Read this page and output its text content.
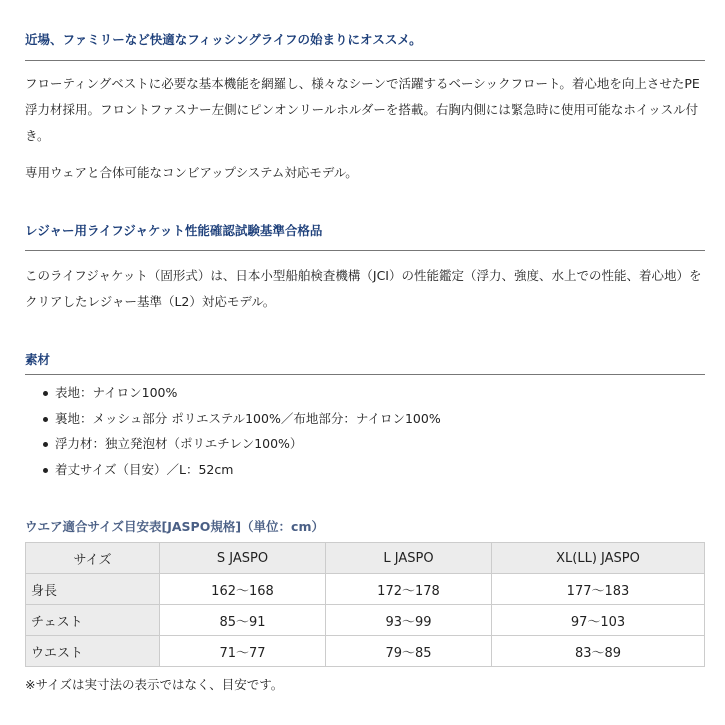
近場、ファミリーなど快適なフィッシングライフの始まりにオススメ。
フローティングベストに必要な基本機能を網羅し、様々なシーンで活躍するベーシックフロート。着心地を向上させたPE浮力材採用。フロントファスナー左側にピンオンリールホルダーを搭載。右胸内側には緊急時に使用可能なホイッスル付き。
専用ウェアと合体可能なコンビアップシステム対応モデル。
レジャー用ライフジャケット性能確認試験基準合格品
このライフジャケット（固形式）は、日本小型船舶検査機構（JCI）の性能鑑定（浮力、強度、水上での性能、着心地）をクリアしたレジャー基準（L2）対応モデル。
素材
表地：ナイロン100%
裏地：メッシュ部分 ポリエステル100%／布地部分：ナイロン100%
浮力材：独立発泡材（ポリエチレン100%）
着丈サイズ（目安）／L：52cm
ウエア適合サイズ目安表[JASPO規格]（単位：cm）
サイズ	S JASPO	L JASPO	XL(LL) JASPO
身長	162～168	172～178	177～183
チェスト	85～91	93～99	97～103
ウエスト	71～77	79～85	83～89
※サイズは実寸法の表示ではなく、目安です。
